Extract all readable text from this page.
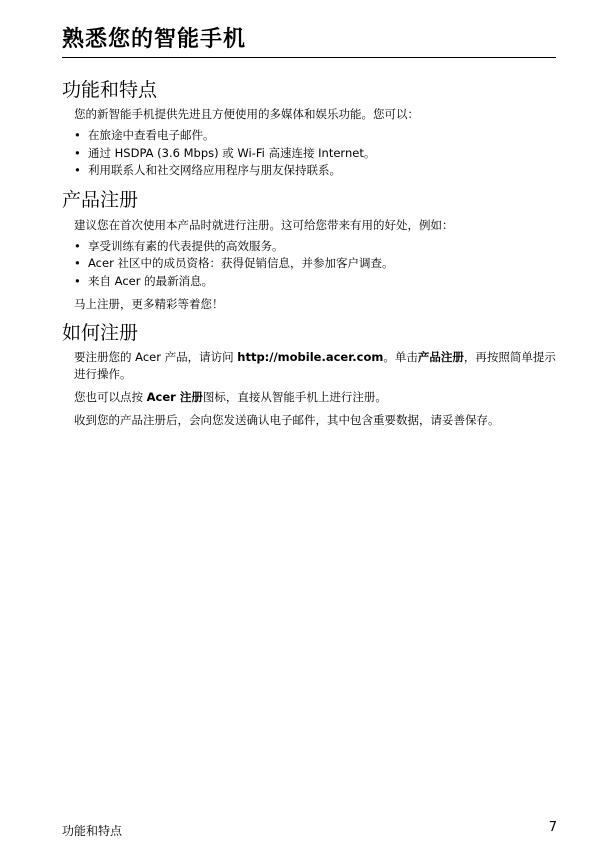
熟悉您的智能手机
功能和特点

您的新智能手机提供先进且方便使用的多媒体和娱乐功能。您可以：

• 在旅途中查看电子邮件。
• 通过 HSDPA (3.6 Mbps) 或 Wi-Fi 高速连接 Internet。
• 利用联系人和社交网络应用程序与朋友保持联系。
产品注册

建议您在首次使用本产品时就进行注册。这可给您带来有用的好处，例如：

• 享受训练有素的代表提供的高效服务。
• Acer 社区中的成员资格：获得促销信息，并参加客户调查。
• 来自 Acer 的最新消息。

马上注册，更多精彩等着您！

如何注册

要注册您的 Acer 产品，请访问 http://mobile.acer.com。单击产品注册，再按照简单提示进行操作。

您也可以点按 Acer 注册图标，直接从智能手机上进行注册。

收到您的产品注册后，会向您发送确认电子邮件，其中包含重要数据，请妥善保存。

功能和特点	7
